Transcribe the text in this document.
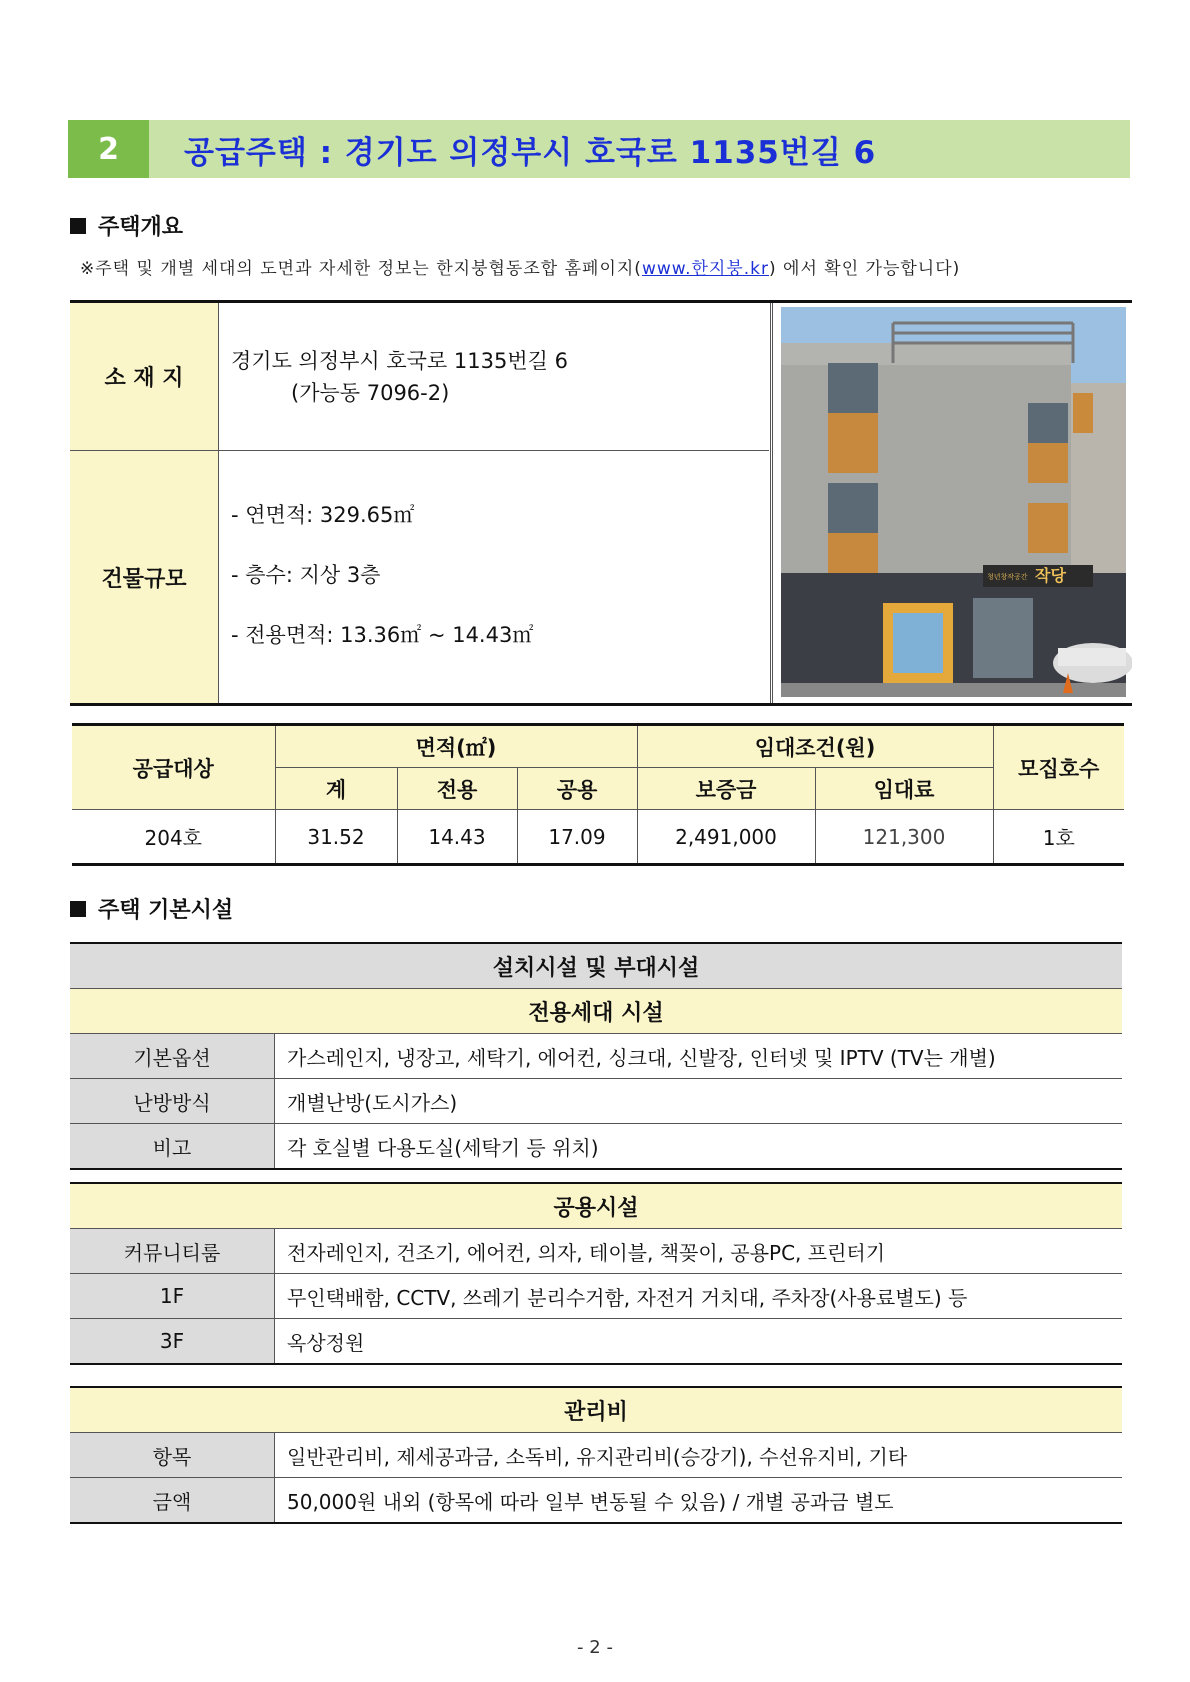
2	공급주택 : 경기도 의정부시 호국로 1135번길 6
주택개요
※주택 및 개별 세대의 도면과 자세한 정보는 한지붕협동조합 홈페이지(www.한지붕.kr) 에서 확인 가능합니다)
소 재 지
경기도 의정부시 호국로 1135번길 6
(가능동 7096-2)
건물규모
- 연면적: 329.65㎡
- 층수: 지상 3층
- 전용면적: 13.36㎡ ~ 14.43㎡
작당
청년창작공간
공급대상	면적(㎡)			임대조건(원)		모집호수
	계	전용	공용	보증금	임대료	
204호	31.52	14.43	17.09	2,491,000	121,300	1호
주택 기본시설
설치시설 및 부대시설	
전용세대 시설	
기본옵션	가스레인지, 냉장고, 세탁기, 에어컨, 싱크대, 신발장, 인터넷 및 IPTV (TV는 개별)
난방방식	개별난방(도시가스)
비고	각 호실별 다용도실(세탁기 등 위치)
공용시설	
커뮤니티룸	전자레인지, 건조기, 에어컨, 의자, 테이블, 책꽂이, 공용PC, 프린터기
1F	무인택배함, CCTV, 쓰레기 분리수거함, 자전거 거치대, 주차장(사용료별도) 등
3F	옥상정원
관리비	
항목	일반관리비, 제세공과금, 소독비, 유지관리비(승강기), 수선유지비, 기타
금액	50,000원 내외 (항목에 따라 일부 변동될 수 있음) / 개별 공과금 별도
- 2 -
